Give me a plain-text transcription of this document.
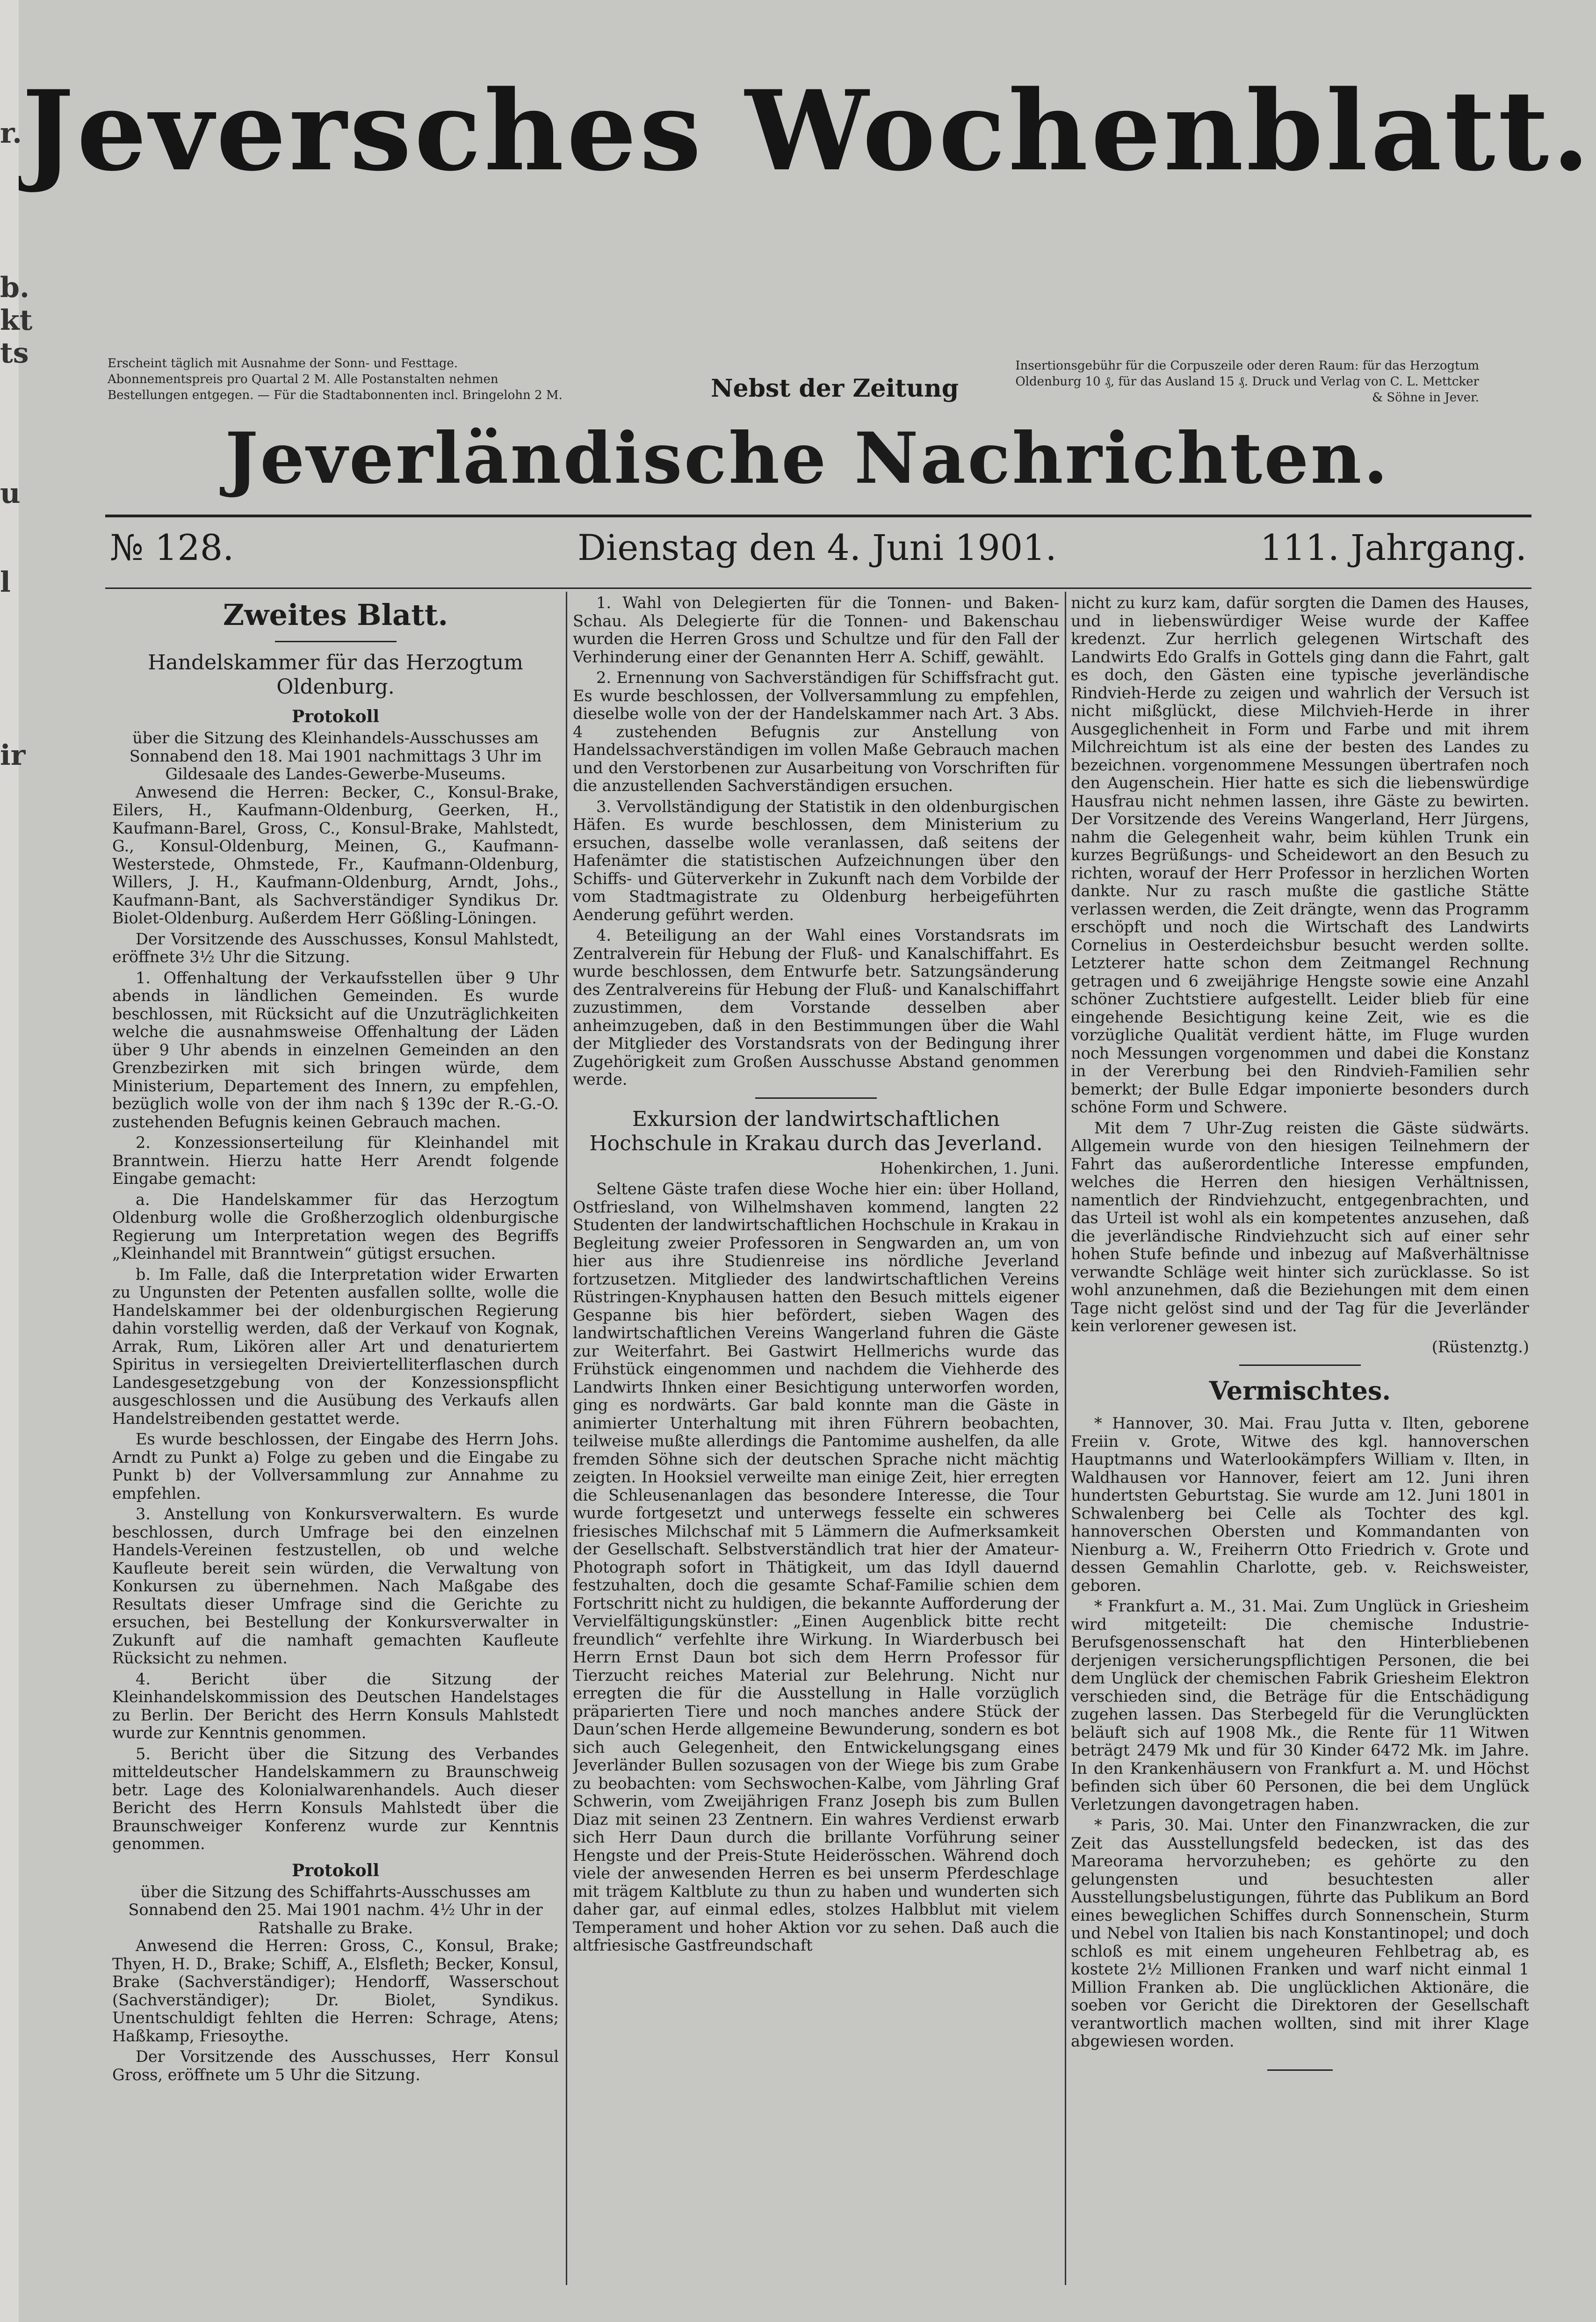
Jeversches Wochenblatt.
Erscheint täglich mit Ausnahme der Sonn- und Festtage. Abonnementspreis pro Quartal 2 M. Alle Postanstalten nehmen Bestellungen entgegen. — Für die Stadtabonnenten incl. Bringelohn 2 M.	Nebst der Zeitung
Insertionsgebühr für die Corpuszeile oder deren Raum: für das Herzogtum Oldenburg 10 ₰, für das Ausland 15 ₰. Druck und Verlag von C. L. Mettcker & Söhne in Jever.
Jeverländische Nachrichten.
№ 128.	Dienstag den 4. Juni 1901.	111. Jahrgang.
Zweites Blatt.
Handelskammer für das Herzogtum Oldenburg.
Protokoll

über die Sitzung des Kleinhandels-Ausschusses am Sonnabend den 18. Mai 1901 nachmittags 3 Uhr im Gildesaale des Landes-Gewerbe-Museums.

Anwesend die Herren: Becker, C., Konsul-Brake, Eilers, H., Kaufmann-Oldenburg, Geerken, H., Kaufmann-Barel, Gross, C., Konsul-Brake, Mahlstedt, G., Konsul-Oldenburg, Meinen, G., Kaufmann-Westerstede, Ohmstede, Fr., Kaufmann-Oldenburg, Willers, J. H., Kaufmann-Oldenburg, Arndt, Johs., Kaufmann-Bant, als Sachverständiger Syndikus Dr. Biolet-Oldenburg. Außerdem Herr Gößling-Löningen.

Der Vorsitzende des Ausschusses, Konsul Mahlstedt, eröffnete 3½ Uhr die Sitzung.

1. Offenhaltung der Verkaufsstellen über 9 Uhr abends in ländlichen Gemeinden. Es wurde beschlossen, mit Rücksicht auf die Unzuträglichkeiten welche die ausnahmsweise Offenhaltung der Läden über 9 Uhr abends in einzelnen Gemeinden an den Grenzbezirken mit sich bringen würde, dem Ministerium, Departement des Innern, zu empfehlen, bezüglich wolle von der ihm nach § 139c der R.-G.-O. zustehenden Befugnis keinen Gebrauch machen.

2. Konzessionserteilung für Kleinhandel mit Branntwein. Hierzu hatte Herr Arendt folgende Eingabe gemacht:

a. Die Handelskammer für das Herzogtum Oldenburg wolle die Großherzoglich oldenburgische Regierung um Interpretation wegen des Begriffs „Kleinhandel mit Branntwein“ gütigst ersuchen.

b. Im Falle, daß die Interpretation wider Erwarten zu Ungunsten der Petenten ausfallen sollte, wolle die Handelskammer bei der oldenburgischen Regierung dahin vorstellig werden, daß der Verkauf von Kognak, Arrak, Rum, Likören aller Art und denaturiertem Spiritus in versiegelten Dreiviertelliterflaschen durch Landesgesetzgebung von der Konzessionspflicht ausgeschlossen und die Ausübung des Verkaufs allen Handelstreibenden gestattet werde.

Es wurde beschlossen, der Eingabe des Herrn Johs. Arndt zu Punkt a) Folge zu geben und die Eingabe zu Punkt b) der Vollversammlung zur Annahme zu empfehlen.

3. Anstellung von Konkursverwaltern. Es wurde beschlossen, durch Umfrage bei den einzelnen Handels-Vereinen festzustellen, ob und welche Kaufleute bereit sein würden, die Verwaltung von Konkursen zu übernehmen. Nach Maßgabe des Resultats dieser Umfrage sind die Gerichte zu ersuchen, bei Bestellung der Konkursverwalter in Zukunft auf die namhaft gemachten Kaufleute Rücksicht zu nehmen.

4. Bericht über die Sitzung der Kleinhandelskommission des Deutschen Handelstages zu Berlin. Der Bericht des Herrn Konsuls Mahlstedt wurde zur Kenntnis genommen.

5. Bericht über die Sitzung des Verbandes mitteldeutscher Handelskammern zu Braunschweig betr. Lage des Kolonialwarenhandels. Auch dieser Bericht des Herrn Konsuls Mahlstedt über die Braunschweiger Konferenz wurde zur Kenntnis genommen.

Protokoll

über die Sitzung des Schiffahrts-Ausschusses am Sonnabend den 25. Mai 1901 nachm. 4½ Uhr in der Ratshalle zu Brake.

Anwesend die Herren: Gross, C., Konsul, Brake; Thyen, H. D., Brake; Schiff, A., Elsfleth; Becker, Konsul, Brake (Sachverständiger); Hendorff, Wasserschout (Sachverständiger); Dr. Biolet, Syndikus. Unentschuldigt fehlten die Herren: Schrage, Atens; Haßkamp, Friesoythe.

Der Vorsitzende des Ausschusses, Herr Konsul Gross, eröffnete um 5 Uhr die Sitzung.

1. Wahl von Delegierten für die Tonnen- und Baken-Schau. Als Delegierte für die Tonnen- und Bakenschau wurden die Herren Gross und Schultze und für den Fall der Verhinderung einer der Genannten Herr A. Schiff, gewählt.

2. Ernennung von Sachverständigen für Schiffsfracht gut. Es wurde beschlossen, der Vollversammlung zu empfehlen, dieselbe wolle von der der Handelskammer nach Art. 3 Abs. 4 zustehenden Befugnis zur Anstellung von Handelssachverständigen im vollen Maße Gebrauch machen und den Verstorbenen zur Ausarbeitung von Vorschriften für die anzustellenden Sachverständigen ersuchen.

3. Vervollständigung der Statistik in den oldenburgischen Häfen. Es wurde beschlossen, dem Ministerium zu ersuchen, dasselbe wolle veranlassen, daß seitens der Hafenämter die statistischen Aufzeichnungen über den Schiffs- und Güterverkehr in Zukunft nach dem Vorbilde der vom Stadtmagistrate zu Oldenburg herbeigeführten Aenderung geführt werden.

4. Beteiligung an der Wahl eines Vorstandsrats im Zentralverein für Hebung der Fluß- und Kanalschiffahrt. Es wurde beschlossen, dem Entwurfe betr. Satzungsänderung des Zentralvereins für Hebung der Fluß- und Kanalschiffahrt zuzustimmen, dem Vorstande desselben aber anheimzugeben, daß in den Bestimmungen über die Wahl der Mitglieder des Vorstandsrats von der Bedingung ihrer Zugehörigkeit zum Großen Ausschusse Abstand genommen werde.

Exkursion der landwirtschaftlichen Hochschule in Krakau durch das Jeverland.

Hohenkirchen, 1. Juni.

Seltene Gäste trafen diese Woche hier ein: über Holland, Ostfriesland, von Wilhelmshaven kommend, langten 22 Studenten der landwirtschaftlichen Hochschule in Krakau in Begleitung zweier Professoren in Sengwarden an, um von hier aus ihre Studienreise ins nördliche Jeverland fortzusetzen. Mitglieder des landwirtschaftlichen Vereins Rüstringen-Knyphausen hatten den Besuch mittels eigener Gespanne bis hier befördert, sieben Wagen des landwirtschaftlichen Vereins Wangerland fuhren die Gäste zur Weiterfahrt. Bei Gastwirt Hellmerichs wurde das Frühstück eingenommen und nachdem die Viehherde des Landwirts Ihnken einer Besichtigung unterworfen worden, ging es nordwärts. Gar bald konnte man die Gäste in animierter Unterhaltung mit ihren Führern beobachten, teilweise mußte allerdings die Pantomime aushelfen, da alle fremden Söhne sich der deutschen Sprache nicht mächtig zeigten. In Hooksiel verweilte man einige Zeit, hier erregten die Schleusenanlagen das besondere Interesse, die Tour wurde fortgesetzt und unterwegs fesselte ein schweres friesisches Milchschaf mit 5 Lämmern die Aufmerksamkeit der Gesellschaft. Selbstverständlich trat hier der Amateur-Photograph sofort in Thätigkeit, um das Idyll dauernd festzuhalten, doch die gesamte Schaf-Familie schien dem Fortschritt nicht zu huldigen, die bekannte Aufforderung der Vervielfältigungskünstler: „Einen Augenblick bitte recht freundlich“ verfehlte ihre Wirkung. In Wiarderbusch bei Herrn Ernst Daun bot sich dem Herrn Professor für Tierzucht reiches Material zur Belehrung. Nicht nur erregten die für die Ausstellung in Halle vorzüglich präparierten Tiere und noch manches andere Stück der Daun’schen Herde allgemeine Bewunderung, sondern es bot sich auch Gelegenheit, den Entwickelungsgang eines Jeverländer Bullen sozusagen von der Wiege bis zum Grabe zu beobachten: vom Sechswochen-Kalbe, vom Jährling Graf Schwerin, vom Zweijährigen Franz Joseph bis zum Bullen Diaz mit seinen 23 Zentnern. Ein wahres Verdienst erwarb sich Herr Daun durch die brillante Vorführung seiner Hengste und der Preis-Stute Heiderösschen. Während doch viele der anwesenden Herren es bei unserm Pferdeschlage mit trägem Kaltblute zu thun zu haben und wunderten sich daher gar, auf einmal edles, stolzes Halbblut mit vielem Temperament und hoher Aktion vor zu sehen. Daß auch die altfriesische Gastfreundschaft

nicht zu kurz kam, dafür sorgten die Damen des Hauses, und in liebenswürdiger Weise wurde der Kaffee kredenzt. Zur herrlich gelegenen Wirtschaft des Landwirts Edo Gralfs in Gottels ging dann die Fahrt, galt es doch, den Gästen eine typische jeverländische Rindvieh-Herde zu zeigen und wahrlich der Versuch ist nicht mißglückt, diese Milchvieh-Herde in ihrer Ausgeglichenheit in Form und Farbe und mit ihrem Milchreichtum ist als eine der besten des Landes zu bezeichnen. vorgenommene Messungen übertrafen noch den Augenschein. Hier hatte es sich die liebenswürdige Hausfrau nicht nehmen lassen, ihre Gäste zu bewirten. Der Vorsitzende des Vereins Wangerland, Herr Jürgens, nahm die Gelegenheit wahr, beim kühlen Trunk ein kurzes Begrüßungs- und Scheidewort an den Besuch zu richten, worauf der Herr Professor in herzlichen Worten dankte. Nur zu rasch mußte die gastliche Stätte verlassen werden, die Zeit drängte, wenn das Programm erschöpft und noch die Wirtschaft des Landwirts Cornelius in Oesterdeichsbur besucht werden sollte. Letzterer hatte schon dem Zeitmangel Rechnung getragen und 6 zweijährige Hengste sowie eine Anzahl schöner Zuchtstiere aufgestellt. Leider blieb für eine eingehende Besichtigung keine Zeit, wie es die vorzügliche Qualität verdient hätte, im Fluge wurden noch Messungen vorgenommen und dabei die Konstanz in der Vererbung bei den Rindvieh-Familien sehr bemerkt; der Bulle Edgar imponierte besonders durch schöne Form und Schwere.

Mit dem 7 Uhr-Zug reisten die Gäste südwärts. Allgemein wurde von den hiesigen Teilnehmern der Fahrt das außerordentliche Interesse empfunden, welches die Herren den hiesigen Verhältnissen, namentlich der Rindviehzucht, entgegenbrachten, und das Urteil ist wohl als ein kompetentes anzusehen, daß die jeverländische Rindviehzucht sich auf einer sehr hohen Stufe befinde und inbezug auf Maßverhältnisse verwandte Schläge weit hinter sich zurücklasse. So ist wohl anzunehmen, daß die Beziehungen mit dem einen Tage nicht gelöst sind und der Tag für die Jeverländer kein verlorener gewesen ist.

(Rüstenztg.)

Vermischtes.

* Hannover, 30. Mai. Frau Jutta v. Ilten, geborene Freiin v. Grote, Witwe des kgl. hannoverschen Hauptmanns und Waterlookämpfers William v. Ilten, in Waldhausen vor Hannover, feiert am 12. Juni ihren hundertsten Geburtstag. Sie wurde am 12. Juni 1801 in Schwalenberg bei Celle als Tochter des kgl. hannoverschen Obersten und Kommandanten von Nienburg a. W., Freiherrn Otto Friedrich v. Grote und dessen Gemahlin Charlotte, geb. v. Reichsweister, geboren.

* Frankfurt a. M., 31. Mai. Zum Unglück in Griesheim wird mitgeteilt: Die chemische Industrie-Berufsgenossenschaft hat den Hinterbliebenen derjenigen versicherungspflichtigen Personen, die bei dem Unglück der chemischen Fabrik Griesheim Elektron verschieden sind, die Beträge für die Entschädigung zugehen lassen. Das Sterbegeld für die Verunglückten beläuft sich auf 1908 Mk., die Rente für 11 Witwen beträgt 2479 Mk und für 30 Kinder 6472 Mk. im Jahre. In den Krankenhäusern von Frankfurt a. M. und Höchst befinden sich über 60 Personen, die bei dem Unglück Verletzungen davongetragen haben.

* Paris, 30. Mai. Unter den Finanzwracken, die zur Zeit das Ausstellungsfeld bedecken, ist das des Mareorama hervorzuheben; es gehörte zu den gelungensten und besuchtesten aller Ausstellungsbelustigungen, führte das Publikum an Bord eines beweglichen Schiffes durch Sonnenschein, Sturm und Nebel von Italien bis nach Konstantinopel; und doch schloß es mit einem ungeheuren Fehlbetrag ab, es kostete 2½ Millionen Franken und warf nicht einmal 1 Million Franken ab. Die unglücklichen Aktionäre, die soeben vor Gericht die Direktoren der Gesellschaft verantwortlich machen wollten, sind mit ihrer Klage abgewiesen worden.

r.
b.
kt
ts
u
l
ir
